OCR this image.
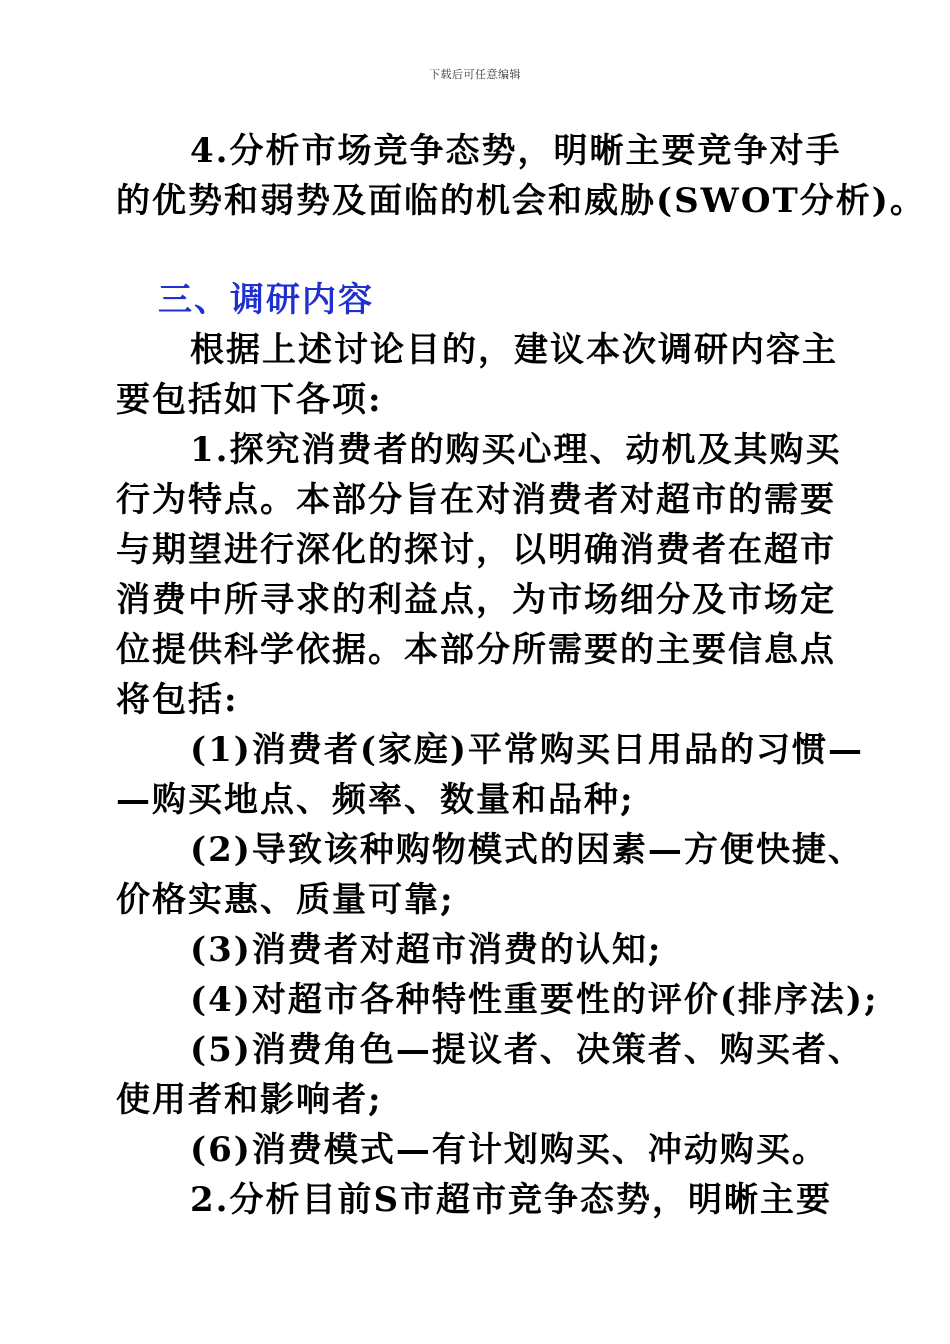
下载后可任意编辑

4.分析市场竞争态势，明晰主要竞争对手

的优势和弱势及面临的机会和威胁(SWOT分析)。

三、调研内容

根据上述讨论目的，建议本次调研内容主

要包括如下各项:

1.探究消费者的购买心理、动机及其购买

行为特点。本部分旨在对消费者对超市的需要

与期望进行深化的探讨，以明确消费者在超市

消费中所寻求的利益点，为市场细分及市场定

位提供科学依据。本部分所需要的主要信息点

将包括:

(1)消费者(家庭)平常购买日用品的习惯—

—购买地点、频率、数量和品种;

(2)导致该种购物模式的因素—方便快捷、

价格实惠、质量可靠;

(3)消费者对超市消费的认知;

(4)对超市各种特性重要性的评价(排序法);

(5)消费角色—提议者、决策者、购买者、

使用者和影响者;

(6)消费模式—有计划购买、冲动购买。

2.分析目前S市超市竞争态势，明晰主要
